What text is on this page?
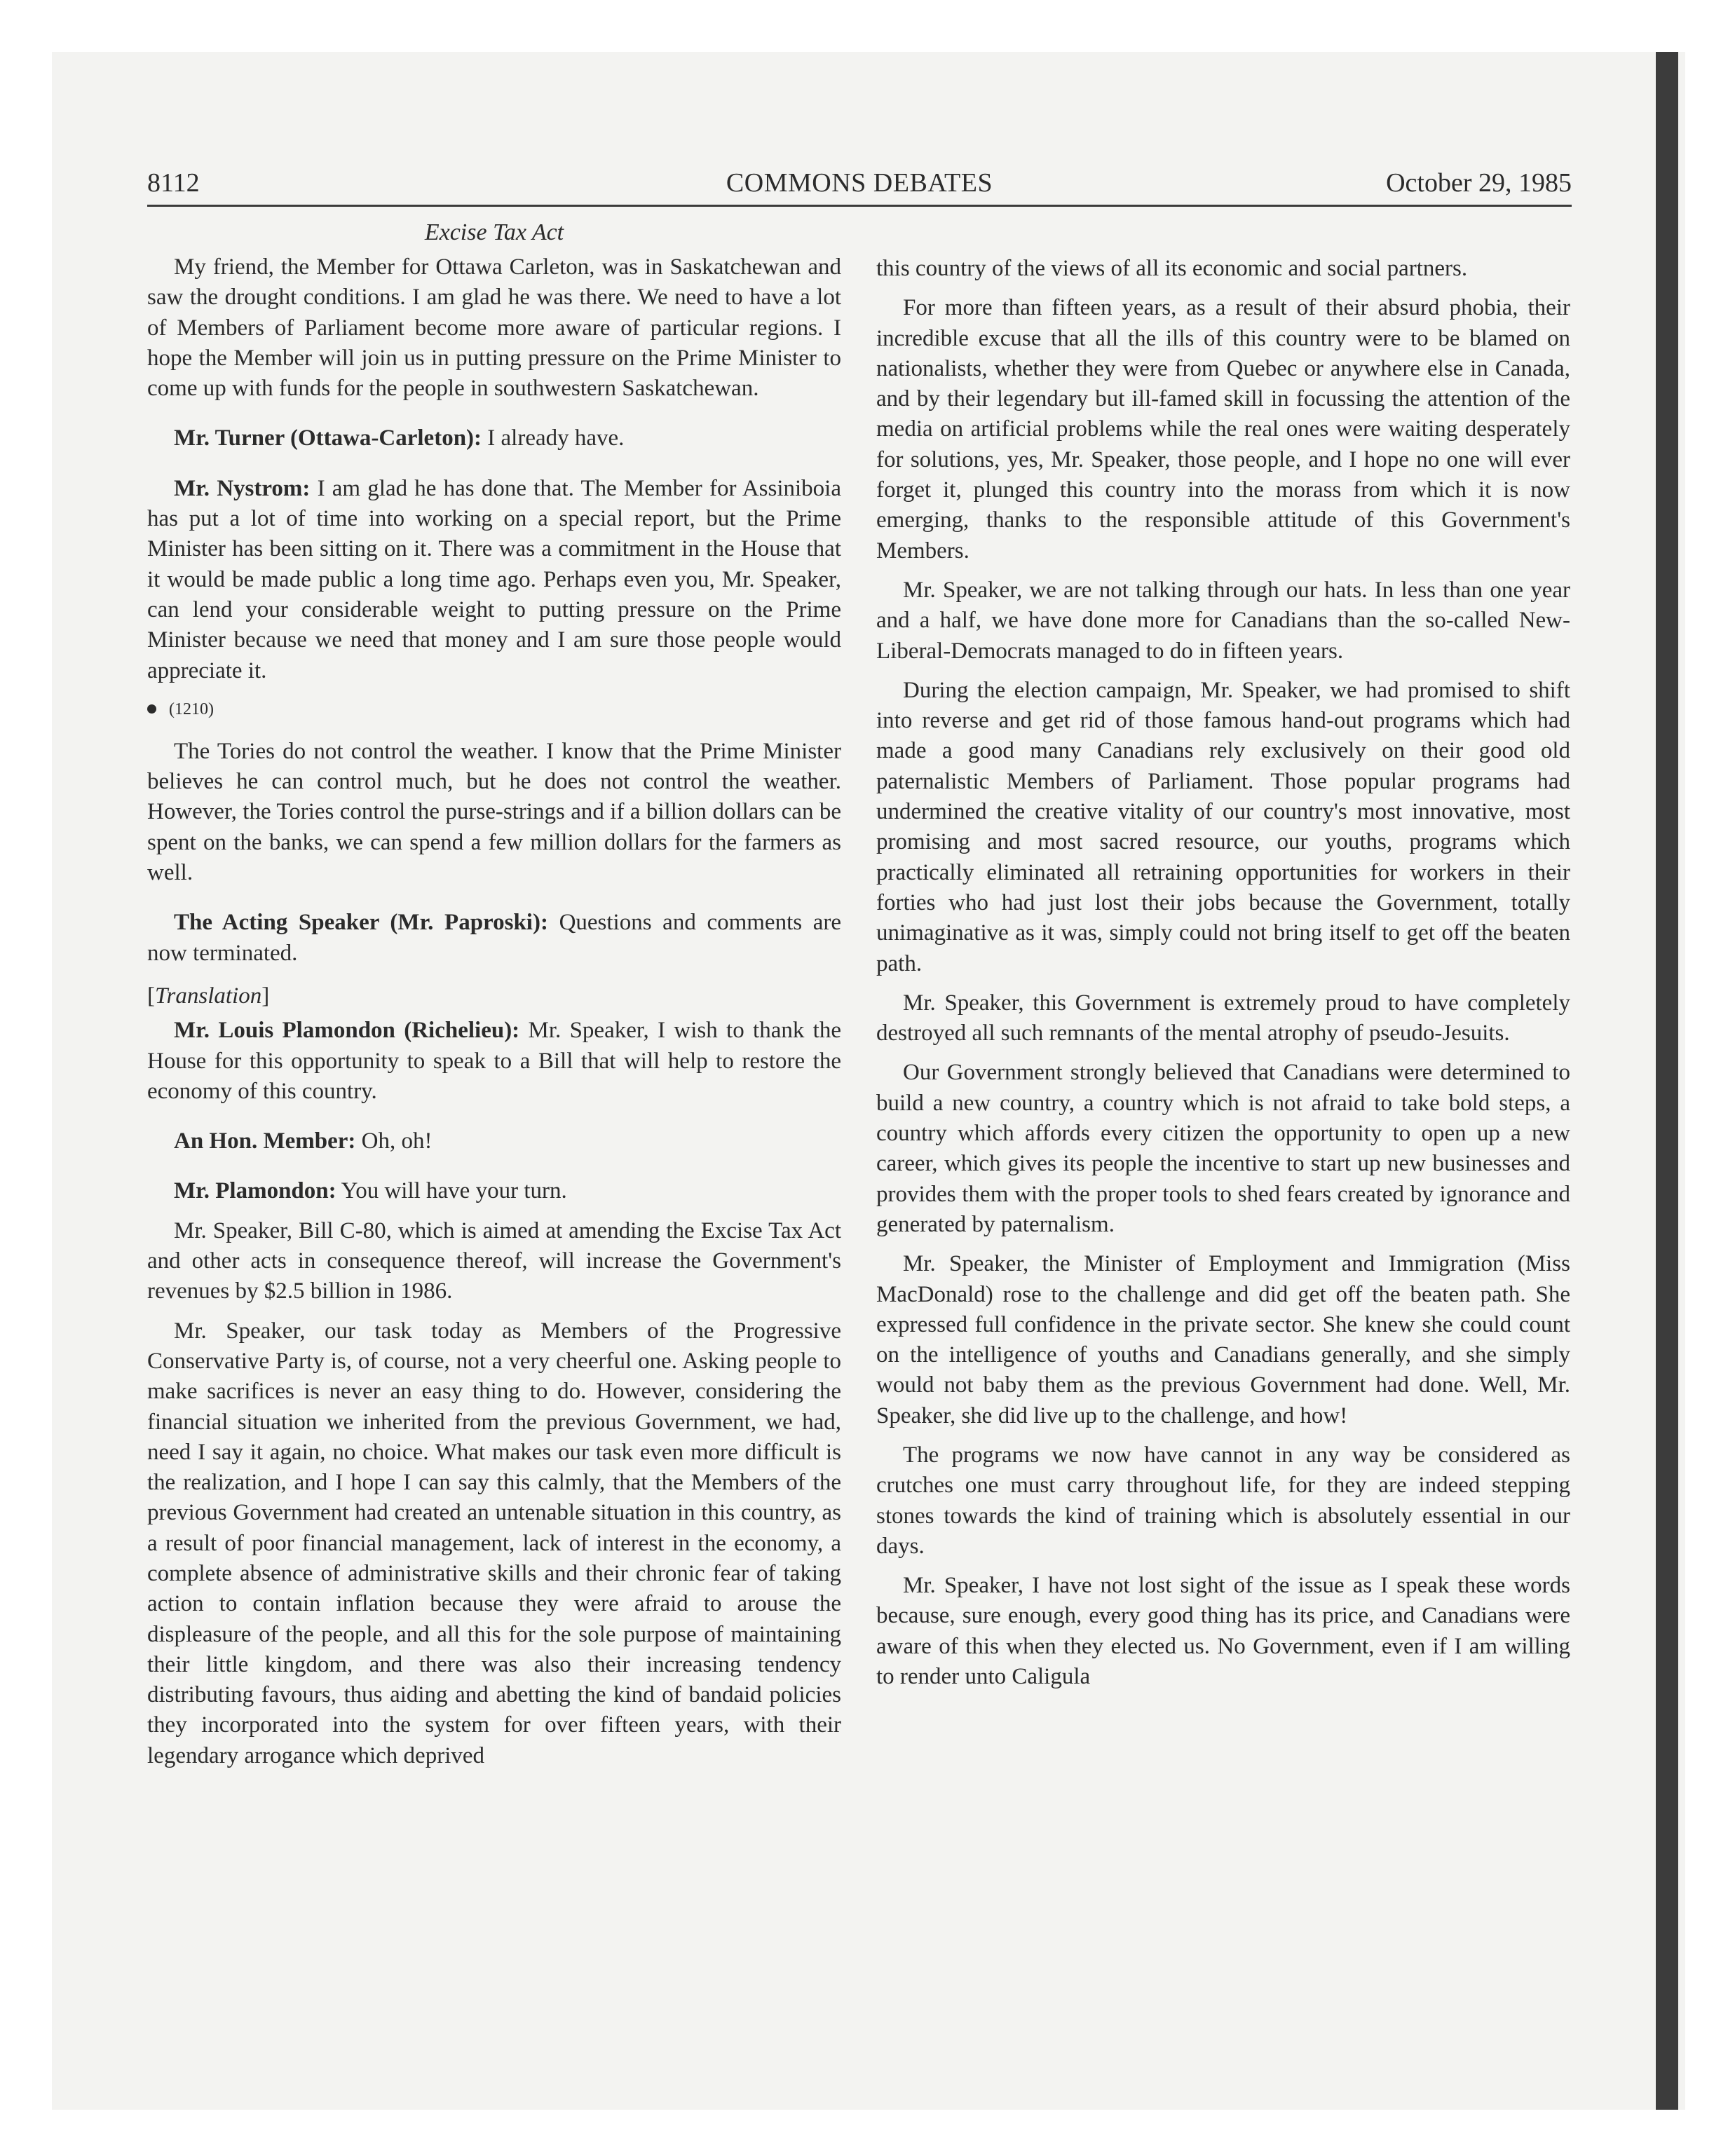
8112	COMMONS DEBATES	October 29, 1985
Excise Tax Act

My friend, the Member for Ottawa Carleton, was in Saskatchewan and saw the drought conditions. I am glad he was there. We need to have a lot of Members of Parliament become more aware of particular regions. I hope the Member will join us in putting pressure on the Prime Minister to come up with funds for the people in southwestern Saskatchewan.

Mr. Turner (Ottawa-Carleton): I already have.

Mr. Nystrom: I am glad he has done that. The Member for Assiniboia has put a lot of time into working on a special report, but the Prime Minister has been sitting on it. There was a commitment in the House that it would be made public a long time ago. Perhaps even you, Mr. Speaker, can lend your considerable weight to putting pressure on the Prime Minister because we need that money and I am sure those people would appreciate it.

(1210)

The Tories do not control the weather. I know that the Prime Minister believes he can control much, but he does not control the weather. However, the Tories control the purse-strings and if a billion dollars can be spent on the banks, we can spend a few million dollars for the farmers as well.

The Acting Speaker (Mr. Paproski): Questions and comments are now terminated.

[Translation]

Mr. Louis Plamondon (Richelieu): Mr. Speaker, I wish to thank the House for this opportunity to speak to a Bill that will help to restore the economy of this country.

An Hon. Member: Oh, oh!

Mr. Plamondon: You will have your turn.

Mr. Speaker, Bill C-80, which is aimed at amending the Excise Tax Act and other acts in consequence thereof, will increase the Government's revenues by $2.5 billion in 1986.

Mr. Speaker, our task today as Members of the Progressive Conservative Party is, of course, not a very cheerful one. Asking people to make sacrifices is never an easy thing to do. However, considering the financial situation we inherited from the previous Government, we had, need I say it again, no choice. What makes our task even more difficult is the realization, and I hope I can say this calmly, that the Members of the previous Government had created an untenable situation in this country, as a result of poor financial management, lack of interest in the economy, a complete absence of administrative skills and their chronic fear of taking action to contain inflation because they were afraid to arouse the displeasure of the people, and all this for the sole purpose of maintaining their little kingdom, and there was also their increasing tendency distributing favours, thus aiding and abetting the kind of bandaid policies they incorporated into the system for over fifteen years, with their legendary arrogance which deprived

this country of the views of all its economic and social partners.

For more than fifteen years, as a result of their absurd phobia, their incredible excuse that all the ills of this country were to be blamed on nationalists, whether they were from Quebec or anywhere else in Canada, and by their legendary but ill-famed skill in focussing the attention of the media on artificial problems while the real ones were waiting desperately for solutions, yes, Mr. Speaker, those people, and I hope no one will ever forget it, plunged this country into the morass from which it is now emerging, thanks to the responsible attitude of this Government's Members.

Mr. Speaker, we are not talking through our hats. In less than one year and a half, we have done more for Canadians than the so-called New-Liberal-Democrats managed to do in fifteen years.

During the election campaign, Mr. Speaker, we had promised to shift into reverse and get rid of those famous hand-out programs which had made a good many Canadians rely exclusively on their good old paternalistic Members of Parliament. Those popular programs had undermined the creative vitality of our country's most innovative, most promising and most sacred resource, our youths, programs which practically eliminated all retraining opportunities for workers in their forties who had just lost their jobs because the Government, totally unimaginative as it was, simply could not bring itself to get off the beaten path.

Mr. Speaker, this Government is extremely proud to have completely destroyed all such remnants of the mental atrophy of pseudo-Jesuits.

Our Government strongly believed that Canadians were determined to build a new country, a country which is not afraid to take bold steps, a country which affords every citizen the opportunity to open up a new career, which gives its people the incentive to start up new businesses and provides them with the proper tools to shed fears created by ignorance and generated by paternalism.

Mr. Speaker, the Minister of Employment and Immigration (Miss MacDonald) rose to the challenge and did get off the beaten path. She expressed full confidence in the private sector. She knew she could count on the intelligence of youths and Canadians generally, and she simply would not baby them as the previous Government had done. Well, Mr. Speaker, she did live up to the challenge, and how!

The programs we now have cannot in any way be considered as crutches one must carry throughout life, for they are indeed stepping stones towards the kind of training which is absolutely essential in our days.

Mr. Speaker, I have not lost sight of the issue as I speak these words because, sure enough, every good thing has its price, and Canadians were aware of this when they elected us. No Government, even if I am willing to render unto Caligula
